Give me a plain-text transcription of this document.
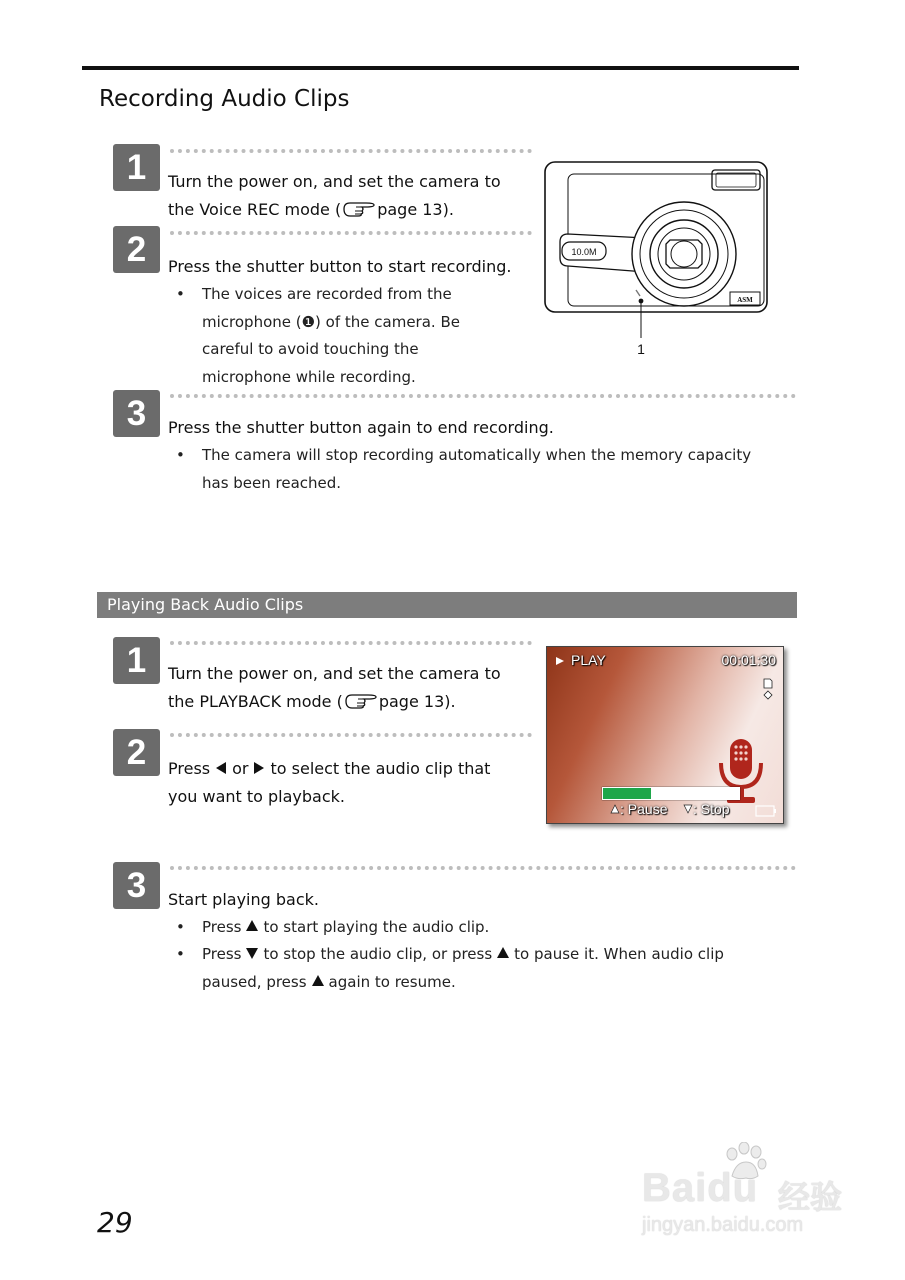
Recording Audio Clips
1	Turn the power on, and set the camera to
the Voice REC mode ( page 13).
2	Press the shutter button to start recording.
• The voices are recorded from the
microphone (❶) of the camera. Be
careful to avoid touching the
microphone while recording.
10.0M
ASM
1
3	Press the shutter button again to end recording.
• The camera will stop recording automatically when the memory capacity
has been reached.
Playing Back Audio Clips
1	Turn the power on, and set the camera to
the PLAYBACK mode ( page 13).
2	Press or to select the audio clip that
you want to playback.
PLAY	00:01:30
: Pause : Stop
3	Start playing back.
• Press to start playing the audio clip.
• Press to stop the audio clip, or press to pause it. When audio clip
paused, press again to resume.
29
Baidu 经验
jingyan.baidu.com
